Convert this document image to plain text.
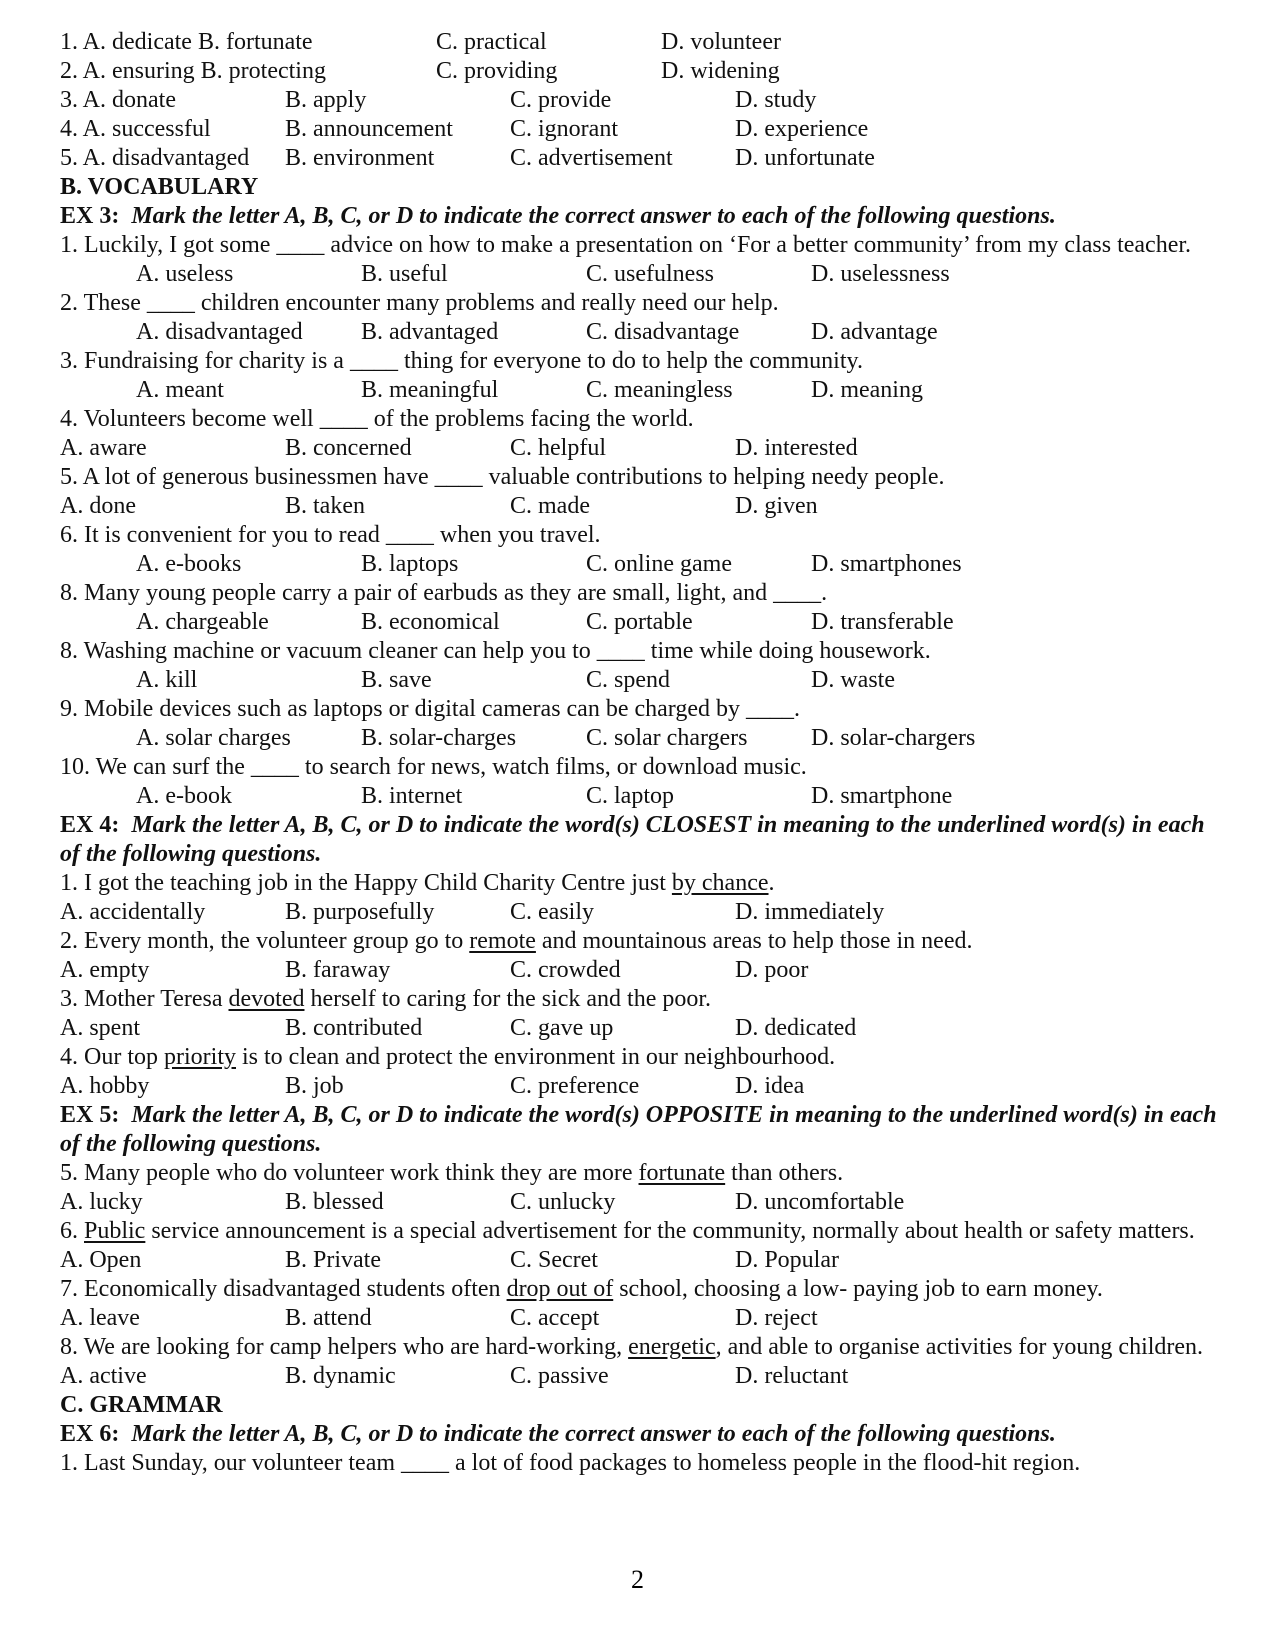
1. A. dedicate B. fortunate	C. practical	D. volunteer
2. A. ensuring B. protecting	C. providing	D. widening
3. A. donate	B. apply	C. provide	D. study
4. A. successful	B. announcement	C. ignorant	D. experience
5. A. disadvantaged	B. environment	C. advertisement	D. unfortunate
B. VOCABULARY
EX 3: Mark the letter A, B, C, or D to indicate the correct answer to each of the following questions.
1. Luckily, I got some ____ advice on how to make a presentation on ‘For a better community’ from my class teacher.
A. useless	B. useful	C. usefulness	D. uselessness
2. These ____ children encounter many problems and really need our help.
A. disadvantaged	B. advantaged	C. disadvantage	D. advantage
3. Fundraising for charity is a ____ thing for everyone to do to help the community.
A. meant	B. meaningful	C. meaningless	D. meaning
4. Volunteers become well ____ of the problems facing the world.
A. aware	B. concerned	C. helpful	D. interested
5. A lot of generous businessmen have ____ valuable contributions to helping needy people.
A. done	B. taken	C. made	D. given
6. It is convenient for you to read ____ when you travel.
A. e-books	B. laptops	C. online game	D. smartphones
8. Many young people carry a pair of earbuds as they are small, light, and ____.
A. chargeable	B. economical	C. portable	D. transferable
8. Washing machine or vacuum cleaner can help you to ____ time while doing housework.
A. kill	B. save	C. spend	D. waste
9. Mobile devices such as laptops or digital cameras can be charged by ____.
A. solar charges	B. solar-charges	C. solar chargers	D. solar-chargers
10. We can surf the ____ to search for news, watch films, or download music.
A. e-book	B. internet	C. laptop	D. smartphone
EX 4: Mark the letter A, B, C, or D to indicate the word(s) CLOSEST in meaning to the underlined word(s) in each of the following questions.
1. I got the teaching job in the Happy Child Charity Centre just by chance.
A. accidentally	B. purposefully	C. easily	D. immediately
2. Every month, the volunteer group go to remote and mountainous areas to help those in need.
A. empty	B. faraway	C. crowded	D. poor
3. Mother Teresa devoted herself to caring for the sick and the poor.
A. spent	B. contributed	C. gave up	D. dedicated
4. Our top priority is to clean and protect the environment in our neighbourhood.
A. hobby	B. job	C. preference	D. idea
EX 5: Mark the letter A, B, C, or D to indicate the word(s) OPPOSITE in meaning to the underlined word(s) in each of the following questions.
5. Many people who do volunteer work think they are more fortunate than others.
A. lucky	B. blessed	C. unlucky	D. uncomfortable
6. Public service announcement is a special advertisement for the community, normally about health or safety matters.
A. Open	B. Private	C. Secret	D. Popular
7. Economically disadvantaged students often drop out of school, choosing a low- paying job to earn money.
A. leave	B. attend	C. accept	D. reject
8. We are looking for camp helpers who are hard-working, energetic, and able to organise activities for young children.
A. active	B. dynamic	C. passive	D. reluctant
C. GRAMMAR
EX 6: Mark the letter A, B, C, or D to indicate the correct answer to each of the following questions.
1. Last Sunday, our volunteer team ____ a lot of food packages to homeless people in the flood-hit region.
2
